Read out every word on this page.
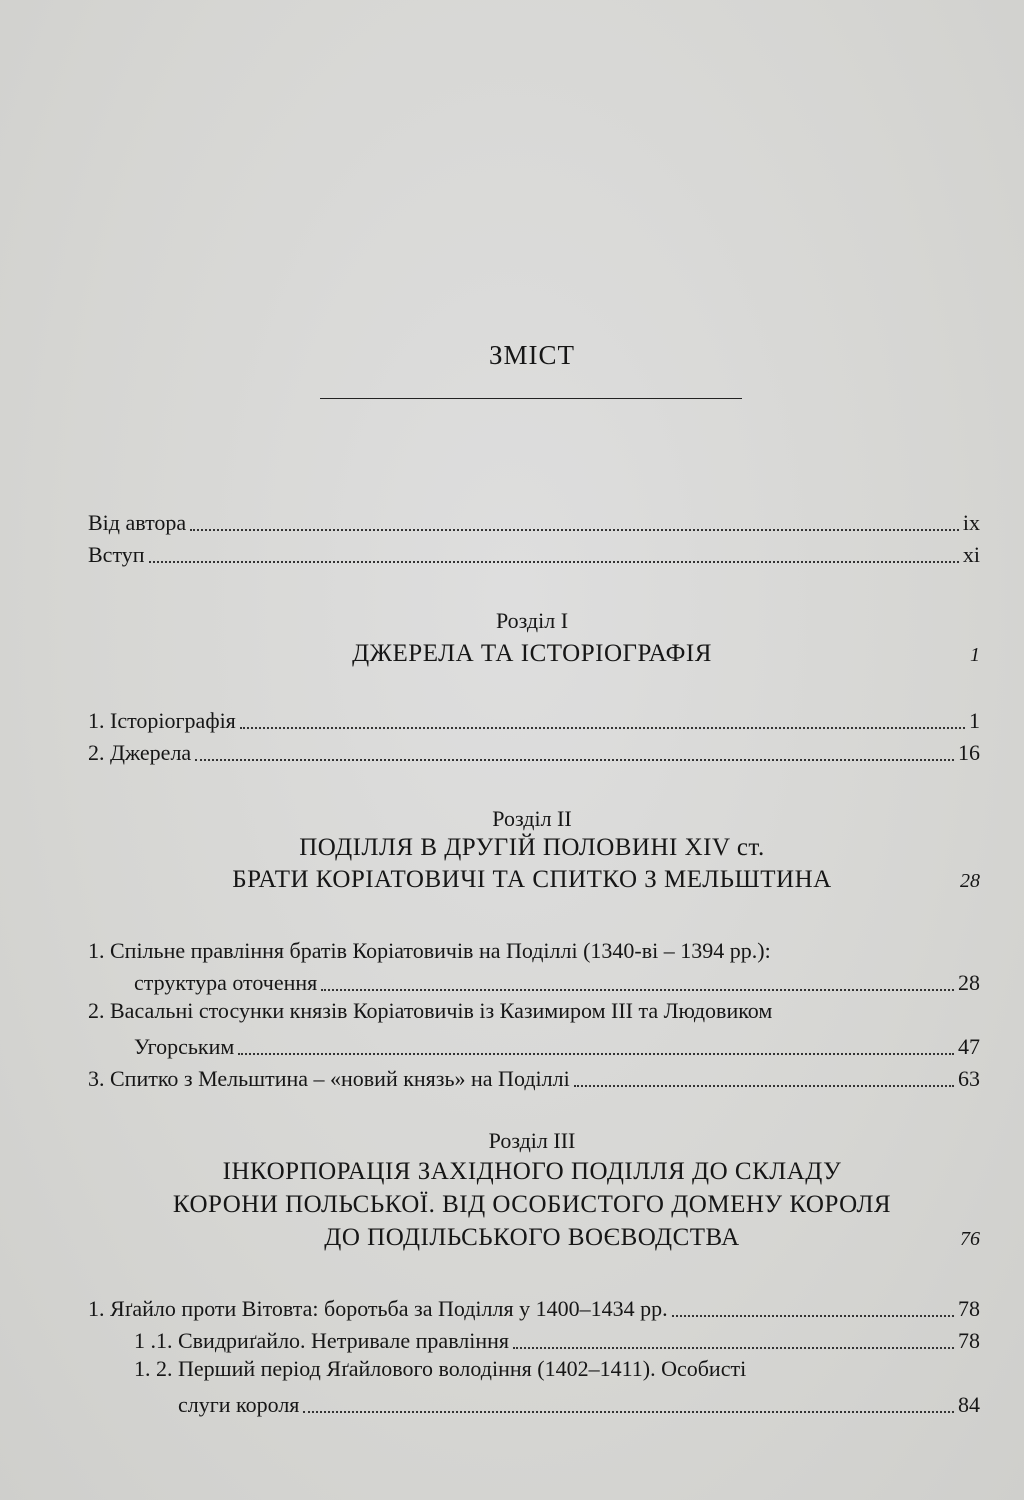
ЗМІСТ
Від автора	ix
Вступ	xi
Розділ I
ДЖЕРЕЛА ТА ІСТОРІОГРАФІЯ	1
1. Історіографія	1
2. Джерела	16
Розділ II
ПОДІЛЛЯ В ДРУГІЙ ПОЛОВИНІ XIV ст.
БРАТИ КОРІАТОВИЧІ ТА СПИТКО З МЕЛЬШТИНА	28
1. Спільне правління братів Коріатовичів на Поділлі (1340-ві – 1394 рр.):
структура оточення	28
2. Васальні стосунки князів Коріатовичів із Казимиром III та Людовиком
Угорським	47
3. Спитко з Мельштина – «новий князь» на Поділлі	63
Розділ III
ІНКОРПОРАЦІЯ ЗАХІДНОГО ПОДІЛЛЯ ДО СКЛАДУ
КОРОНИ ПОЛЬСЬКОЇ. ВІД ОСОБИСТОГО ДОМЕНУ КОРОЛЯ
ДО ПОДІЛЬСЬКОГО ВОЄВОДСТВА	76
1. Яґайло проти Вітовта: боротьба за Поділля у 1400–1434 рр.	78
1 .1. Свидриґайло. Нетривале правління	78
1. 2. Перший період Яґайлового володіння (1402–1411). Особисті
слуги короля	84
